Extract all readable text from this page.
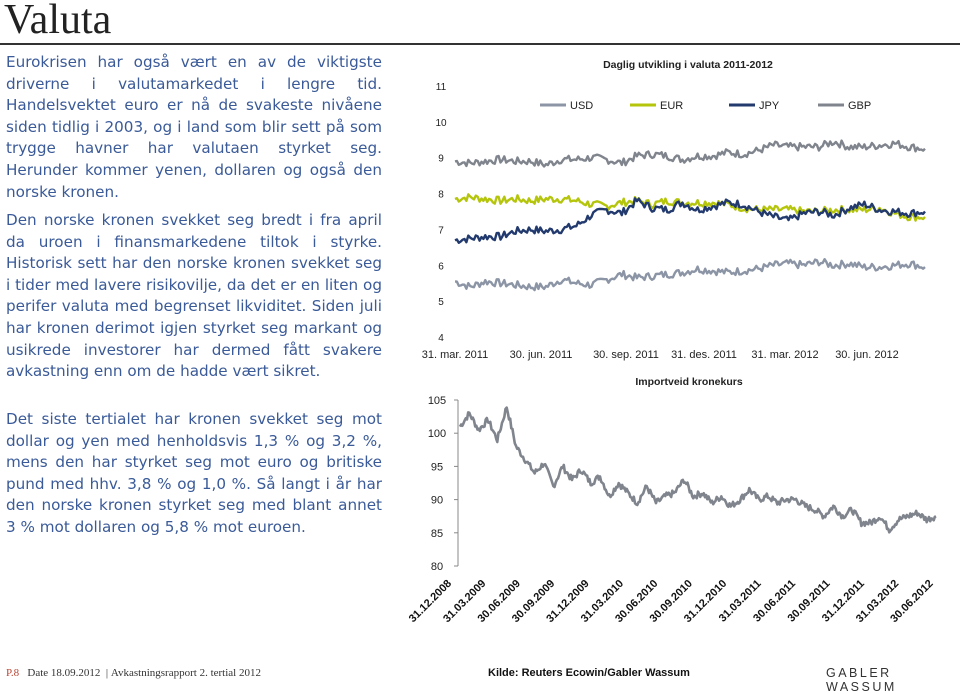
Valuta

Eurokrisen har også vært en av de viktigste driverne i valutamarkedet i lengre tid. Handelsvektet euro er nå de svakeste nivåene siden tidlig i 2003, og i land som blir sett på som trygge havner har valutaen styrket seg. Herunder kommer yenen, dollaren og også den norske kronen.

Den norske kronen svekket seg bredt i fra april da uroen i finansmarkedene tiltok i styrke. Historisk sett har den norske kronen svekket seg i tider med lavere risikovilje, da det er en liten og perifer valuta med begrenset likviditet. Siden juli har kronen derimot igjen styrket seg markant og usikrede investorer har dermed fått svakere avkastning enn om de hadde vært sikret.

Det siste tertialet har kronen svekket seg mot dollar og yen med henholdsvis 1,3 % og 3,2 %, mens den har styrket seg mot euro og britiske pund med hhv. 3,8 % og 1,0 %. Så langt i år har den norske kronen styrket seg med blant annet 3 % mot dollaren og 5,8 % mot euroen.

Daglig utvikling i valuta 2011-2012
4
5
6
7
8
9
10
11
31. mar. 2011 30. jun. 2011 30. sep. 2011 31. des. 2011 31. mar. 2012 30. jun. 2012
USD	EUR	JPY	GBP
Importveid kronekurs
80
85
90
95
100
105
31.12.2008
31.03.2009
30.06.2009
30.09.2009
31.12.2009
31.03.2010
30.06.2010
30.09.2010
31.12.2010
31.03.2011
30.06.2011
30.09.2011
31.12.2011
31.03.2012
30.06.2012
P.8 Date 18.09.2012  | Avkastningsrapport 2. tertial 2012	Kilde: Reuters Ecowin/Gabler Wassum	GABLER WASSUM
